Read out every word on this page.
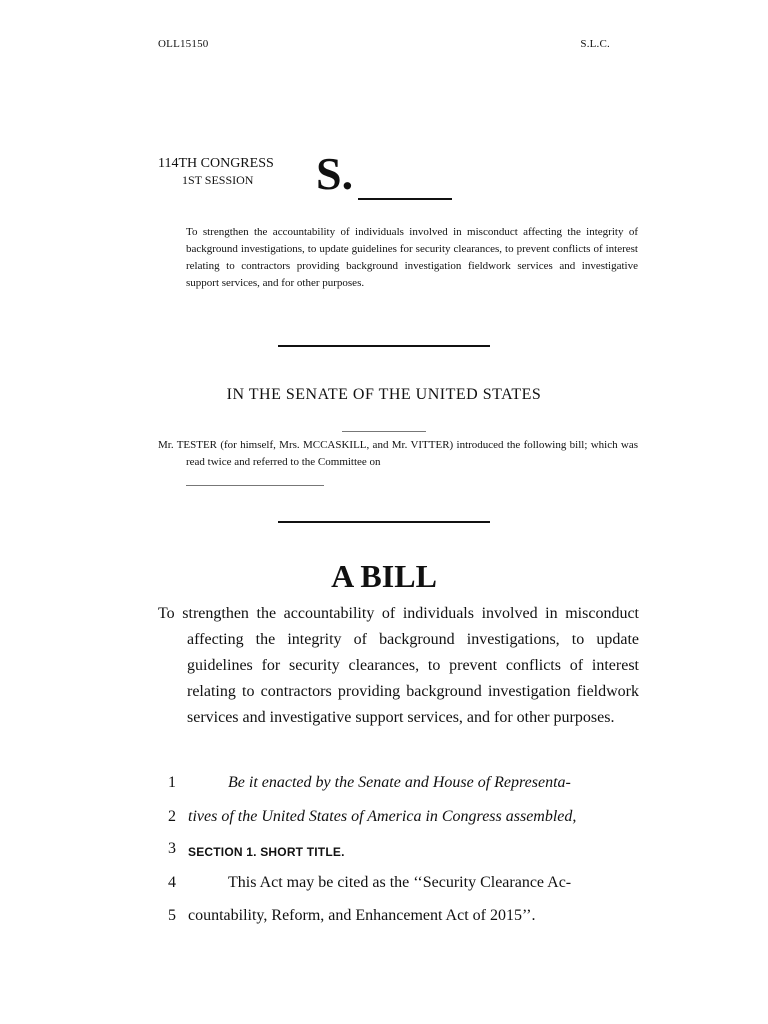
OLL15150	S.L.C.
114TH CONGRESS
1ST SESSION S.
To strengthen the accountability of individuals involved in misconduct affecting the integrity of background investigations, to update guidelines for security clearances, to prevent conflicts of interest relating to contractors providing background investigation fieldwork services and investigative support services, and for other purposes.
IN THE SENATE OF THE UNITED STATES
Mr. TESTER (for himself, Mrs. MCCASKILL, and Mr. VITTER) introduced the following bill; which was read twice and referred to the Committee on
A BILL
To strengthen the accountability of individuals involved in misconduct affecting the integrity of background investigations, to update guidelines for security clearances, to prevent conflicts of interest relating to contractors providing background investigation fieldwork services and investigative support services, and for other purposes.
1	Be it enacted by the Senate and House of Representa-
2 tives of the United States of America in Congress assembled,
3 SECTION 1. SHORT TITLE.
4	This Act may be cited as the ‘‘Security Clearance Ac-
5 countability, Reform, and Enhancement Act of 2015’’.
